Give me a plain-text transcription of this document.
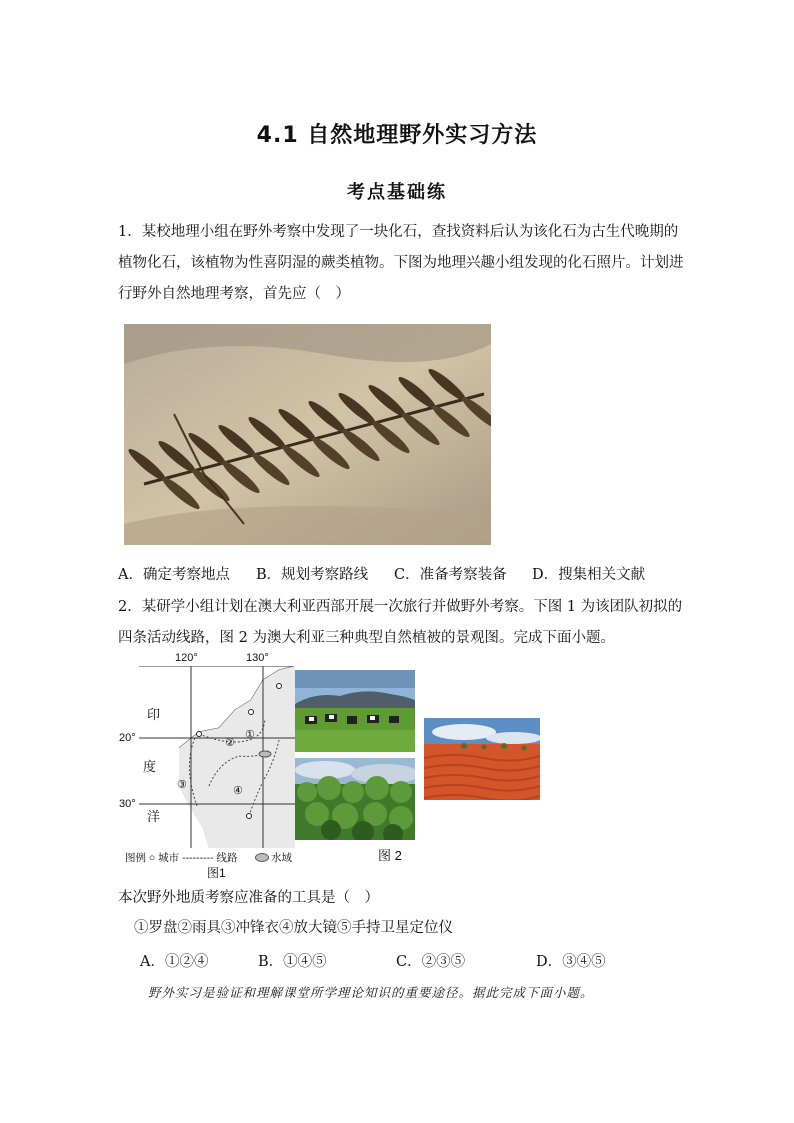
4.1 自然地理野外实习方法
考点基础练
1．某校地理小组在野外考察中发现了一块化石，查找资料后认为该化石为古生代晚期的植物化石，该植物为性喜阴湿的蕨类植物。下图为地理兴趣小组发现的化石照片。计划进行野外自然地理考察，首先应（　）
A．确定考察地点 B．规划考察路线 C．准备考察装备 D．搜集相关文献
2．某研学小组计划在澳大利亚西部开展一次旅行并做野外考察。下图 1 为该团队初拟的四条活动线路，图 2 为澳大利亚三种典型自然植被的景观图。完成下面小题。
120°	130°
20°
30°
印
度
洋
①
②
③	④
图例 ○ 城市 --------- 线路	水域
图1
图 2
本次野外地质考察应准备的工具是（　）
①罗盘②雨具③冲锋衣④放大镜⑤手持卫星定位仪
A．①②④	B．①④⑤	C．②③⑤	D．③④⑤
野外实习是验证和理解课堂所学理论知识的重要途径。据此完成下面小题。
